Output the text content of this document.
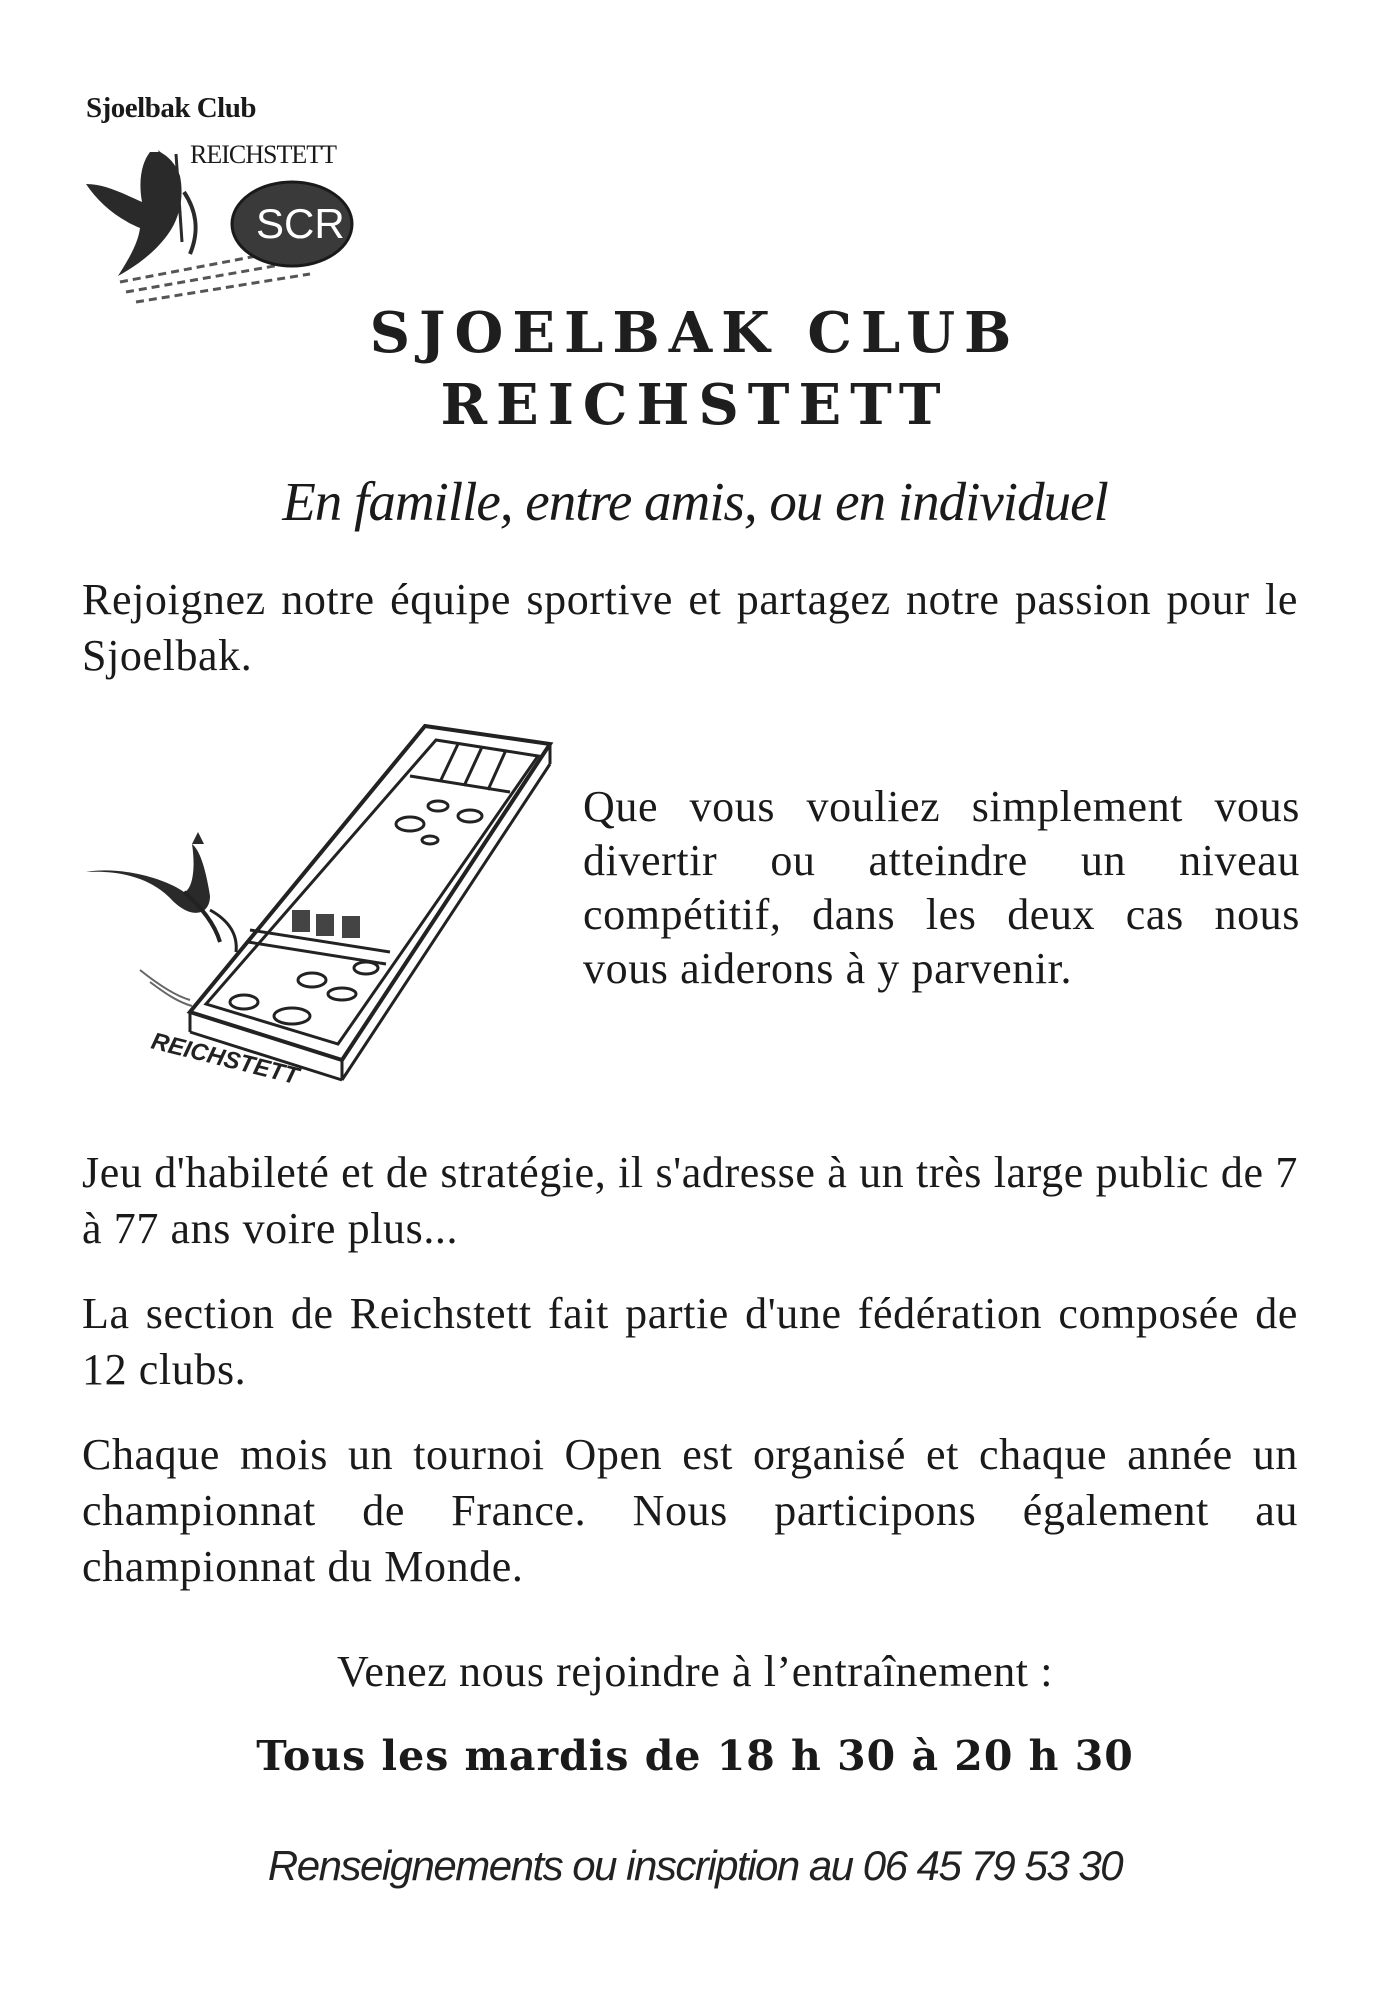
Sjoelbak Club
REICHSTETT
SCR
SJOELBAK CLUB
REICHSTETT
En famille, entre amis, ou en individuel
Rejoignez notre équipe sportive et partagez notre passion pour le Sjoelbak.
REICHSTETT
Que vous vouliez simplement vous divertir ou atteindre un niveau compétitif, dans les deux cas nous vous aiderons à y parvenir.
Jeu d'habileté et de stratégie, il s'adresse à un très large public de 7 à 77 ans voire plus...
La section de Reichstett fait partie d'une fédération composée de 12 clubs.
Chaque mois un tournoi Open est organisé et chaque année un championnat de France. Nous participons également au championnat du Monde.
Venez nous rejoindre à l’entraînement :
Tous les mardis de 18 h 30 à 20 h 30
Renseignements ou inscription au 06 45 79 53 30
